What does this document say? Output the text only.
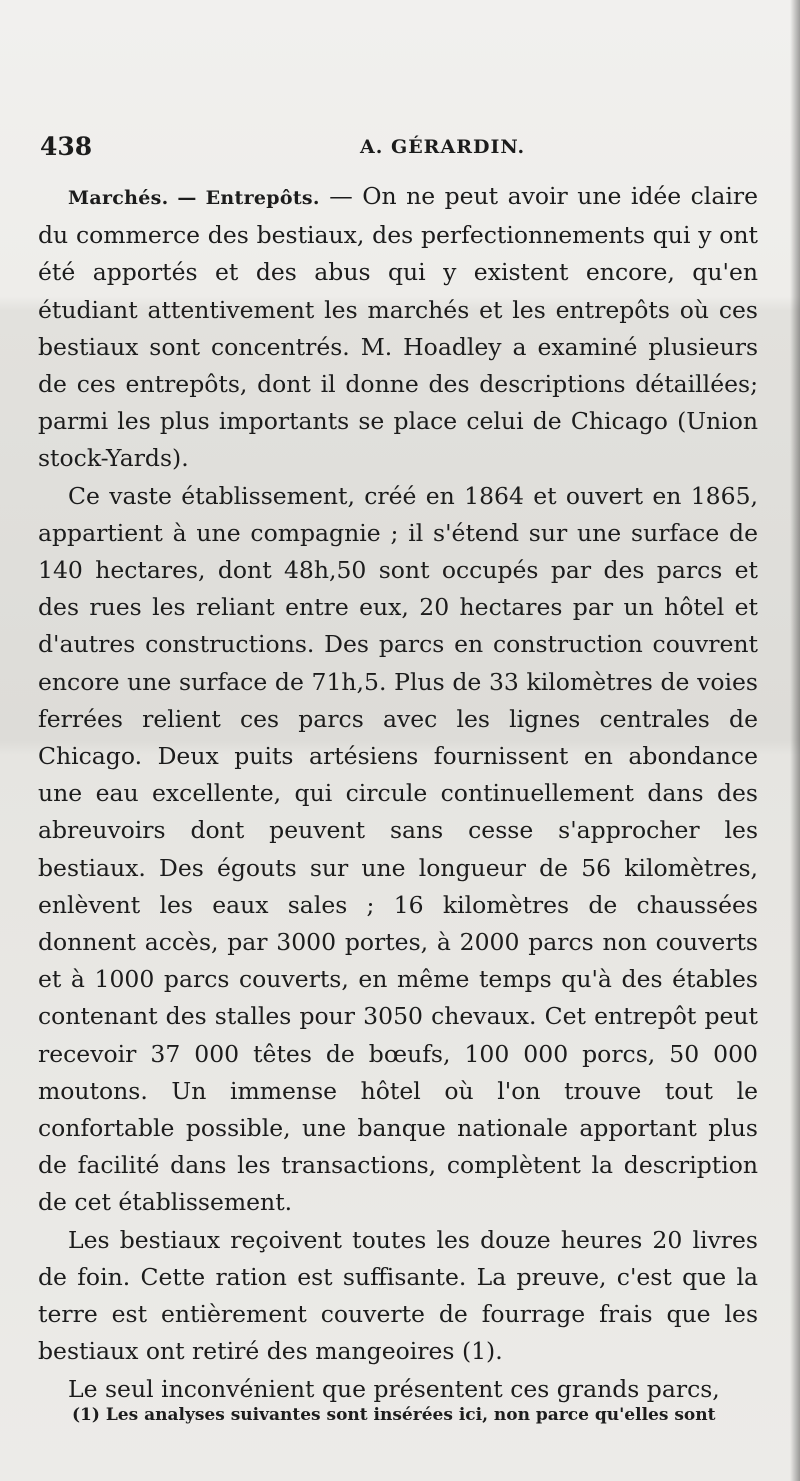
438	A. GÉRARDIN.

Marchés. — Entrepôts. — On ne peut avoir une idée claire du commerce des bestiaux, des perfectionnements qui y ont été apportés et des abus qui y existent encore, qu'en étudiant attentivement les marchés et les entrepôts où ces bestiaux sont concentrés. M. Hoadley a examiné plusieurs de ces entrepôts, dont il donne des descriptions détaillées; parmi les plus importants se place celui de Chicago (Union stock-Yards).

Ce vaste établissement, créé en 1864 et ouvert en 1865, appartient à une compagnie ; il s'étend sur une surface de 140 hectares, dont 48h,50 sont occupés par des parcs et des rues les reliant entre eux, 20 hectares par un hôtel et d'autres constructions. Des parcs en construction couvrent encore une surface de 71h,5. Plus de 33 kilomètres de voies ferrées relient ces parcs avec les lignes centrales de Chicago. Deux puits artésiens fournissent en abondance une eau excellente, qui circule continuellement dans des abreuvoirs dont peuvent sans cesse s'approcher les bestiaux. Des égouts sur une longueur de 56 kilomètres, enlèvent les eaux sales ; 16 kilomètres de chaussées donnent accès, par 3000 portes, à 2000 parcs non couverts et à 1000 parcs couverts, en même temps qu'à des étables contenant des stalles pour 3050 chevaux. Cet entrepôt peut recevoir 37 000 têtes de bœufs, 100 000 porcs, 50 000 moutons. Un immense hôtel où l'on trouve tout le confortable possible, une banque nationale apportant plus de facilité dans les transactions, complètent la description de cet établissement.

Les bestiaux reçoivent toutes les douze heures 20 livres de foin. Cette ration est suffisante. La preuve, c'est que la terre est entièrement couverte de fourrage frais que les bestiaux ont retiré des mangeoires (1).

Le seul inconvénient que présentent ces grands parcs,

(1) Les analyses suivantes sont insérées ici, non parce qu'elles sont
